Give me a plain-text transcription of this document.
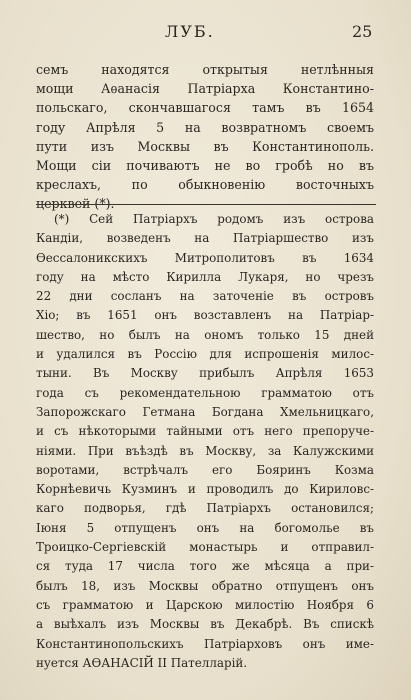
ЛУБ.	25
семъ находятся открытыя нетлѣнныя
мощи Аѳанасія Патріарха Константино-
польскаго, скончавшагося тамъ въ 1654
году Апрѣля 5 на возвратномъ своемъ
пути изъ Москвы въ Константинополь.
Мощи сіи почиваютъ не во гробѣ но въ
креслахъ, по обыкновенію восточныхъ
церквей (*).
(*) Сей Патріархъ родомъ изъ острова
Кандіи, возведенъ на Патріаршество изъ
Ѳессалоникскихъ Митрополитовъ въ 1634
году на мѣсто Кирилла Лукаря, но чрезъ
22 дни сосланъ на заточеніе въ островъ
Хіо; въ 1651 онъ возставленъ на Патріар-
шество, но былъ на ономъ только 15 дней
и удалился въ Россію для испрошенія милос-
тыни. Въ Москву прибылъ Апрѣля 1653
года съ рекомендательною грамматою отъ
Запорожскаго Гетмана Богдана Хмельницкаго,
и съ нѣкоторыми тайными отъ него препоруче-
ніями. При въѣздѣ въ Москву, за Калужскими
воротами, встрѣчалъ его Бояринъ Козма
Корнѣевичь Кузминъ и проводилъ до Кириловс-
каго подворья, гдѣ Патріархъ остановился;
Іюня 5 отпущенъ онъ на богомолье въ
Троицко-Сергіевскій монастырь и отправил-
ся туда 17 числа того же мѣсяца а при-
былъ 18, изъ Москвы обратно отпущенъ онъ
съ грамматою и Царскою милостію Ноября 6
а выѣхалъ изъ Москвы въ Декабрѣ. Въ спискѣ
Константинопольскихъ Патріарховъ онъ име-
нуется АѲАНАСІЙ II Пателларій.
